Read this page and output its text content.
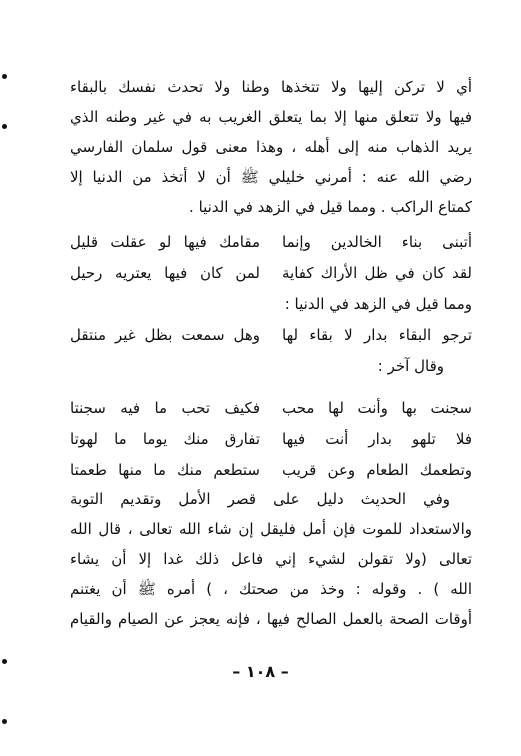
أي لا تركن إليها ولا تتخذها وطنا ولا تحدث نفسك بالبقاء
فيها ولا تتعلق منها إلا بما يتعلق الغريب به في غير وطنه الذي
يريد الذهاب منه إلى أهله ، وهذا معنى قول سلمان الفارسي
رضي الله عنه : أمرني خليلي ﷺ أن لا أتخذ من الدنيا إلا
كمتاع الراكب . ومما قيل في الزهد في الدنيا .
أتبنى بناء الخالدين وإنما
مقامك فيها لو عقلت قليل
لقد كان في ظل الأراك كفاية
لمن كان فيها يعتريه رحيل
ومما قيل في الزهد في الدنيا :
ترجو البقاء بدار لا بقاء لها
وهل سمعت بظل غير منتقل
وقال آخر :
سجنت بها وأنت لها محب
فكيف تحب ما فيه سجنتا
فلا تلهو بدار أنت فيها
تفارق منك يوما ما لهوتا
وتطعمك الطعام وعن قريب
ستطعم منك ما منها طعمتا
وفي الحديث دليل على قصر الأمل وتقديم التوبة
والاستعداد للموت فإن أمل فليقل إن شاء الله تعالى ، قال الله
تعالى (ولا تقولن لشيء إني فاعل ذلك غدا إلا أن يشاء
الله ) . وقوله : وخذ من صحتك ، ) أمره ﷺ أن يغتنم
أوقات الصحة بالعمل الصالح فيها ، فإنه يعجز عن الصيام والقيام
– ١٠٨ –
